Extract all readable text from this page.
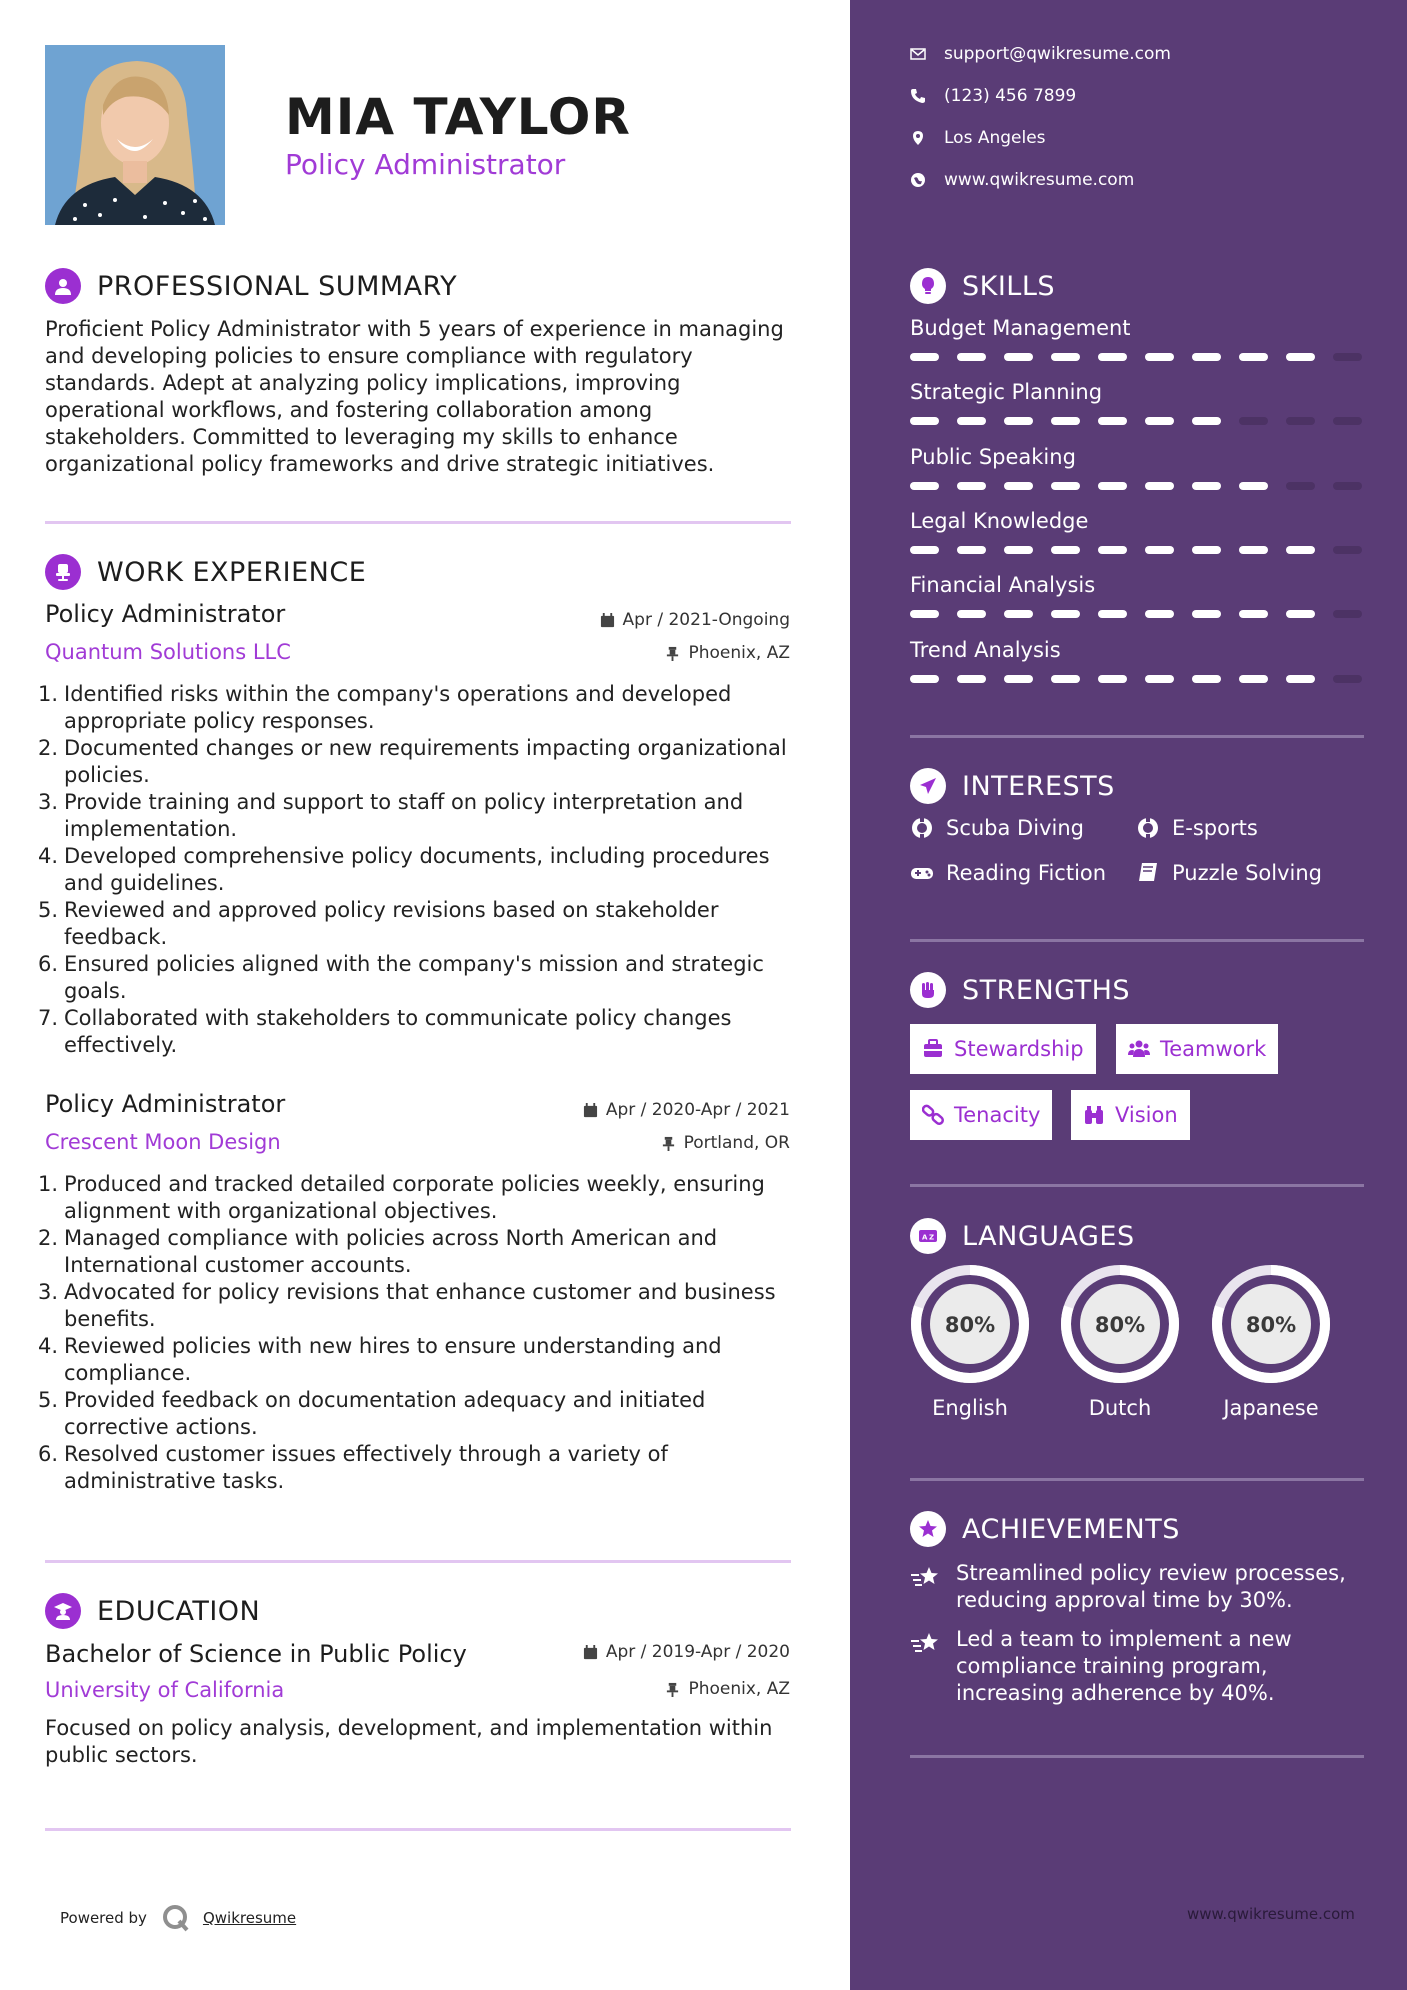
MIA TAYLOR
Policy Administrator
PROFESSIONAL SUMMARY
Proficient Policy Administrator with 5 years of experience in managing and developing policies to ensure compliance with regulatory standards. Adept at analyzing policy implications, improving operational workflows, and fostering collaboration among stakeholders. Committed to leveraging my skills to enhance organizational policy frameworks and drive strategic initiatives.
WORK EXPERIENCE
Policy Administrator	Apr / 2021-Ongoing
Quantum Solutions LLC	Phoenix, AZ
1. Identified risks within the company's operations and developed appropriate policy responses.
2. Documented changes or new requirements impacting organizational policies.
3. Provide training and support to staff on policy interpretation and implementation.
4. Developed comprehensive policy documents, including procedures and guidelines.
5. Reviewed and approved policy revisions based on stakeholder feedback.
6. Ensured policies aligned with the company's mission and strategic goals.
7. Collaborated with stakeholders to communicate policy changes effectively.
Policy Administrator	Apr / 2020-Apr / 2021
Crescent Moon Design	Portland, OR
1. Produced and tracked detailed corporate policies weekly, ensuring alignment with organizational objectives.
2. Managed compliance with policies across North American and International customer accounts.
3. Advocated for policy revisions that enhance customer and business benefits.
4. Reviewed policies with new hires to ensure understanding and compliance.
5. Provided feedback on documentation adequacy and initiated corrective actions.
6. Resolved customer issues effectively through a variety of administrative tasks.
EDUCATION
Bachelor of Science in Public Policy	Apr / 2019-Apr / 2020
University of California	Phoenix, AZ
Focused on policy analysis, development, and implementation within public sectors.
Powered by	Qwikresume
support@qwikresume.com
(123) 456 7899
Los Angeles
www.qwikresume.com
SKILLS
Budget Management
Strategic Planning
Public Speaking
Legal Knowledge
Financial Analysis
Trend Analysis
INTERESTS
Scuba Diving	E-sports
Reading Fiction	Puzzle Solving
STRENGTHS
Stewardship	Teamwork
Tenacity	Vision
A Z LANGUAGES
80%
English
80%
Dutch
80%
Japanese
ACHIEVEMENTS
Streamlined policy review processes, reducing approval time by 30%.
Led a team to implement a new compliance training program, increasing adherence by 40%.
www.qwikresume.com
